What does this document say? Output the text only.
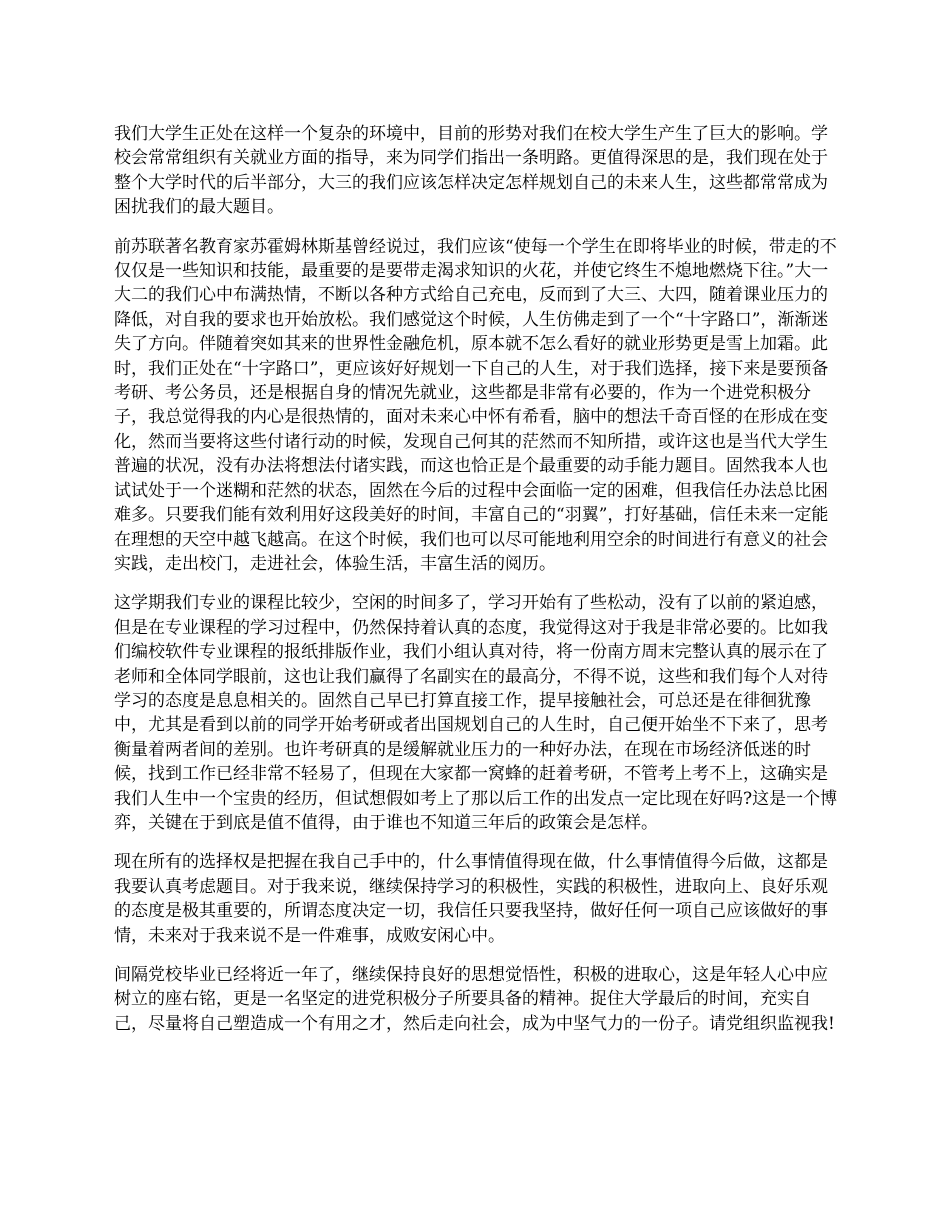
我们大学生正处在这样一个复杂的环境中，目前的形势对我们在校大学生产生了巨大的影响。学校会常常组织有关就业方面的指导，来为同学们指出一条明路。更值得深思的是，我们现在处于整个大学时代的后半部分，大三的我们应该怎样决定怎样规划自己的未来人生，这些都常常成为困扰我们的最大题目。

前苏联著名教育家苏霍姆林斯基曾经说过，我们应该“使每一个学生在即将毕业的时候，带走的不仅仅是一些知识和技能，最重要的是要带走渴求知识的火花，并使它终生不熄地燃烧下往。”大一大二的我们心中布满热情，不断以各种方式给自己充电，反而到了大三、大四，随着课业压力的降低，对自我的要求也开始放松。我们感觉这个时候，人生仿佛走到了一个“十字路口”，渐渐迷失了方向。伴随着突如其来的世界性金融危机，原本就不怎么看好的就业形势更是雪上加霜。此时，我们正处在“十字路口”，更应该好好规划一下自己的人生，对于我们选择，接下来是要预备考研、考公务员，还是根据自身的情况先就业，这些都是非常有必要的，作为一个进党积极分子，我总觉得我的内心是很热情的，面对未来心中怀有希看，脑中的想法千奇百怪的在形成在变化，然而当要将这些付诸行动的时候，发现自己何其的茫然而不知所措，或许这也是当代大学生普遍的状况，没有办法将想法付诸实践，而这也恰正是个最重要的动手能力题目。固然我本人也试试处于一个迷糊和茫然的状态，固然在今后的过程中会面临一定的困难，但我信任办法总比困难多。只要我们能有效利用好这段美好的时间，丰富自己的“羽翼”，打好基础，信任未来一定能在理想的天空中越飞越高。在这个时候，我们也可以尽可能地利用空余的时间进行有意义的社会实践，走出校门，走进社会，体验生活，丰富生活的阅历。

这学期我们专业的课程比较少，空闲的时间多了，学习开始有了些松动，没有了以前的紧迫感，但是在专业课程的学习过程中，仍然保持着认真的态度，我觉得这对于我是非常必要的。比如我们编校软件专业课程的报纸排版作业，我们小组认真对待，将一份南方周末完整认真的展示在了老师和全体同学眼前，这也让我们赢得了名副实在的最高分，不得不说，这些和我们每个人对待学习的态度是息息相关的。固然自己早已打算直接工作，提早接触社会，可总还是在徘徊犹豫中，尤其是看到以前的同学开始考研或者出国规划自己的人生时，自己便开始坐不下来了，思考衡量着两者间的差别。也许考研真的是缓解就业压力的一种好办法，在现在市场经济低迷的时候，找到工作已经非常不轻易了，但现在大家都一窝蜂的赶着考研，不管考上考不上，这确实是我们人生中一个宝贵的经历，但试想假如考上了那以后工作的出发点一定比现在好吗?这是一个博弈，关键在于到底是值不值得，由于谁也不知道三年后的政策会是怎样。

现在所有的选择权是把握在我自己手中的，什么事情值得现在做，什么事情值得今后做，这都是我要认真考虑题目。对于我来说，继续保持学习的积极性，实践的积极性，进取向上、良好乐观的态度是极其重要的，所谓态度决定一切，我信任只要我坚持，做好任何一项自己应该做好的事情，未来对于我来说不是一件难事，成败安闲心中。

间隔党校毕业已经将近一年了，继续保持良好的思想觉悟性，积极的进取心，这是年轻人心中应树立的座右铭，更是一名坚定的进党积极分子所要具备的精神。捉住大学最后的时间，充实自己，尽量将自己塑造成一个有用之才，然后走向社会，成为中坚气力的一份子。请党组织监视我!
